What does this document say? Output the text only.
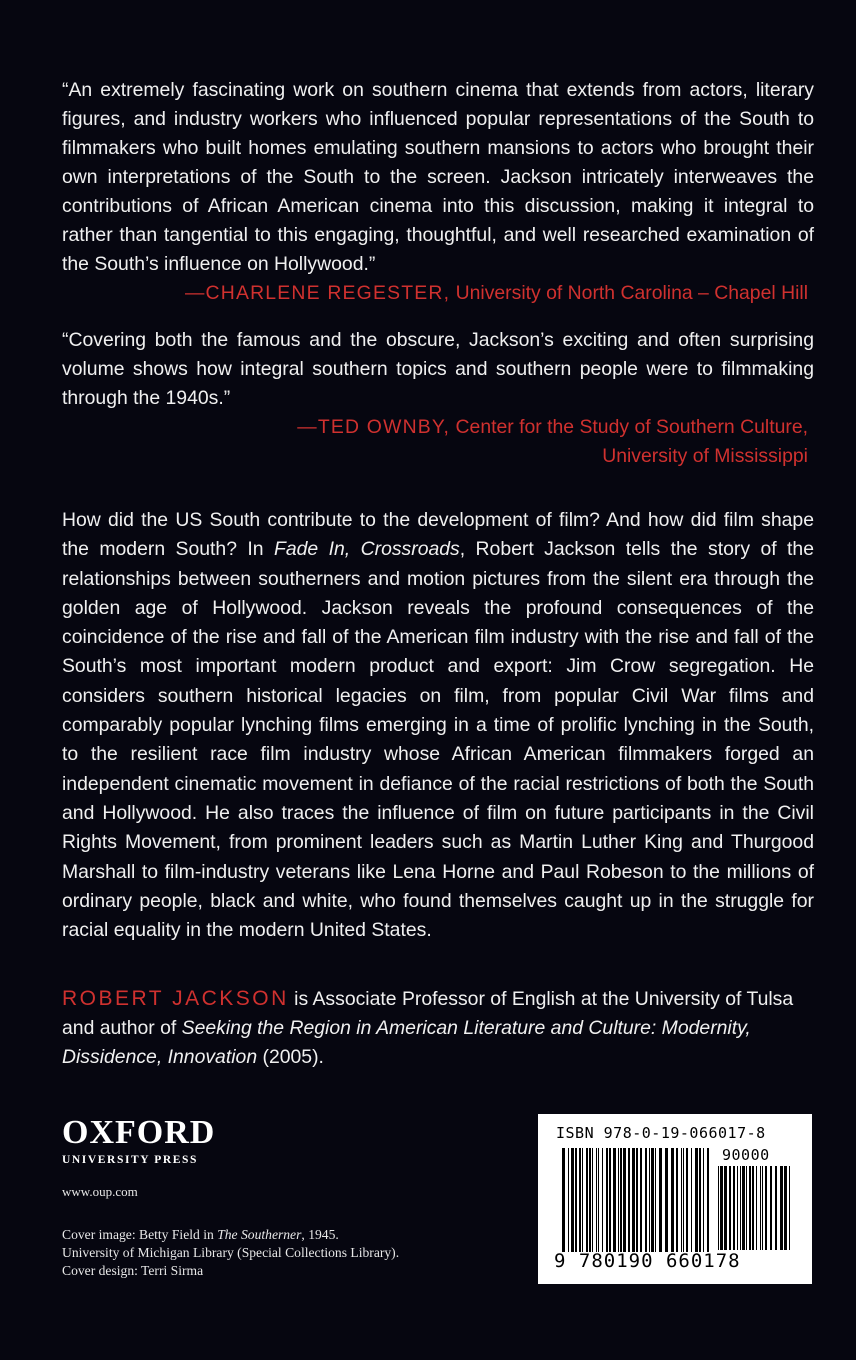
“An extremely fascinating work on southern cinema that extends from actors, literary figures, and industry workers who influenced popular representations of the South to filmmakers who built homes emulating southern mansions to actors who brought their own interpretations of the South to the screen. Jackson intricately interweaves the contributions of African American cinema into this discussion, making it integral to rather than tangential to this engaging, thoughtful, and well researched examination of the South’s influence on Hollywood.”

—CHARLENE REGESTER, University of North Carolina – Chapel Hill

“Covering both the famous and the obscure, Jackson’s exciting and often surprising volume shows how integral southern topics and southern people were to filmmaking through the 1940s.”

—TED OWNBY, Center for the Study of Southern Culture,
University of Mississippi

How did the US South contribute to the development of film? And how did film shape the modern South? In Fade In, Crossroads, Robert Jackson tells the story of the relationships between southerners and motion pictures from the silent era through the golden age of Hollywood. Jackson reveals the profound consequences of the coincidence of the rise and fall of the American film industry with the rise and fall of the South’s most important modern product and export: Jim Crow segregation. He considers southern historical legacies on film, from popular Civil War films and comparably popular lynching films emerging in a time of prolific lynching in the South, to the resilient race film industry whose African American filmmakers forged an independent cinematic movement in defiance of the racial restrictions of both the South and Hollywood. He also traces the influence of film on future participants in the Civil Rights Movement, from prominent leaders such as Martin Luther King and Thurgood Marshall to film-industry veterans like Lena Horne and Paul Robeson to the millions of ordinary people, black and white, who found themselves caught up in the struggle for racial equality in the modern United States.

ROBERT JACKSON is Associate Professor of English at the University of Tulsa and author of Seeking the Region in American Literature and Culture: Modernity, Dissidence, Innovation (2005).

OXFORD
UNIVERSITY PRESS
www.oup.com
Cover image: Betty Field in The Southerner, 1945.
University of Michigan Library (Special Collections Library).
Cover design: Terri Sirma
ISBN 978-0-19-066017-8
90000
9 780190 660178
